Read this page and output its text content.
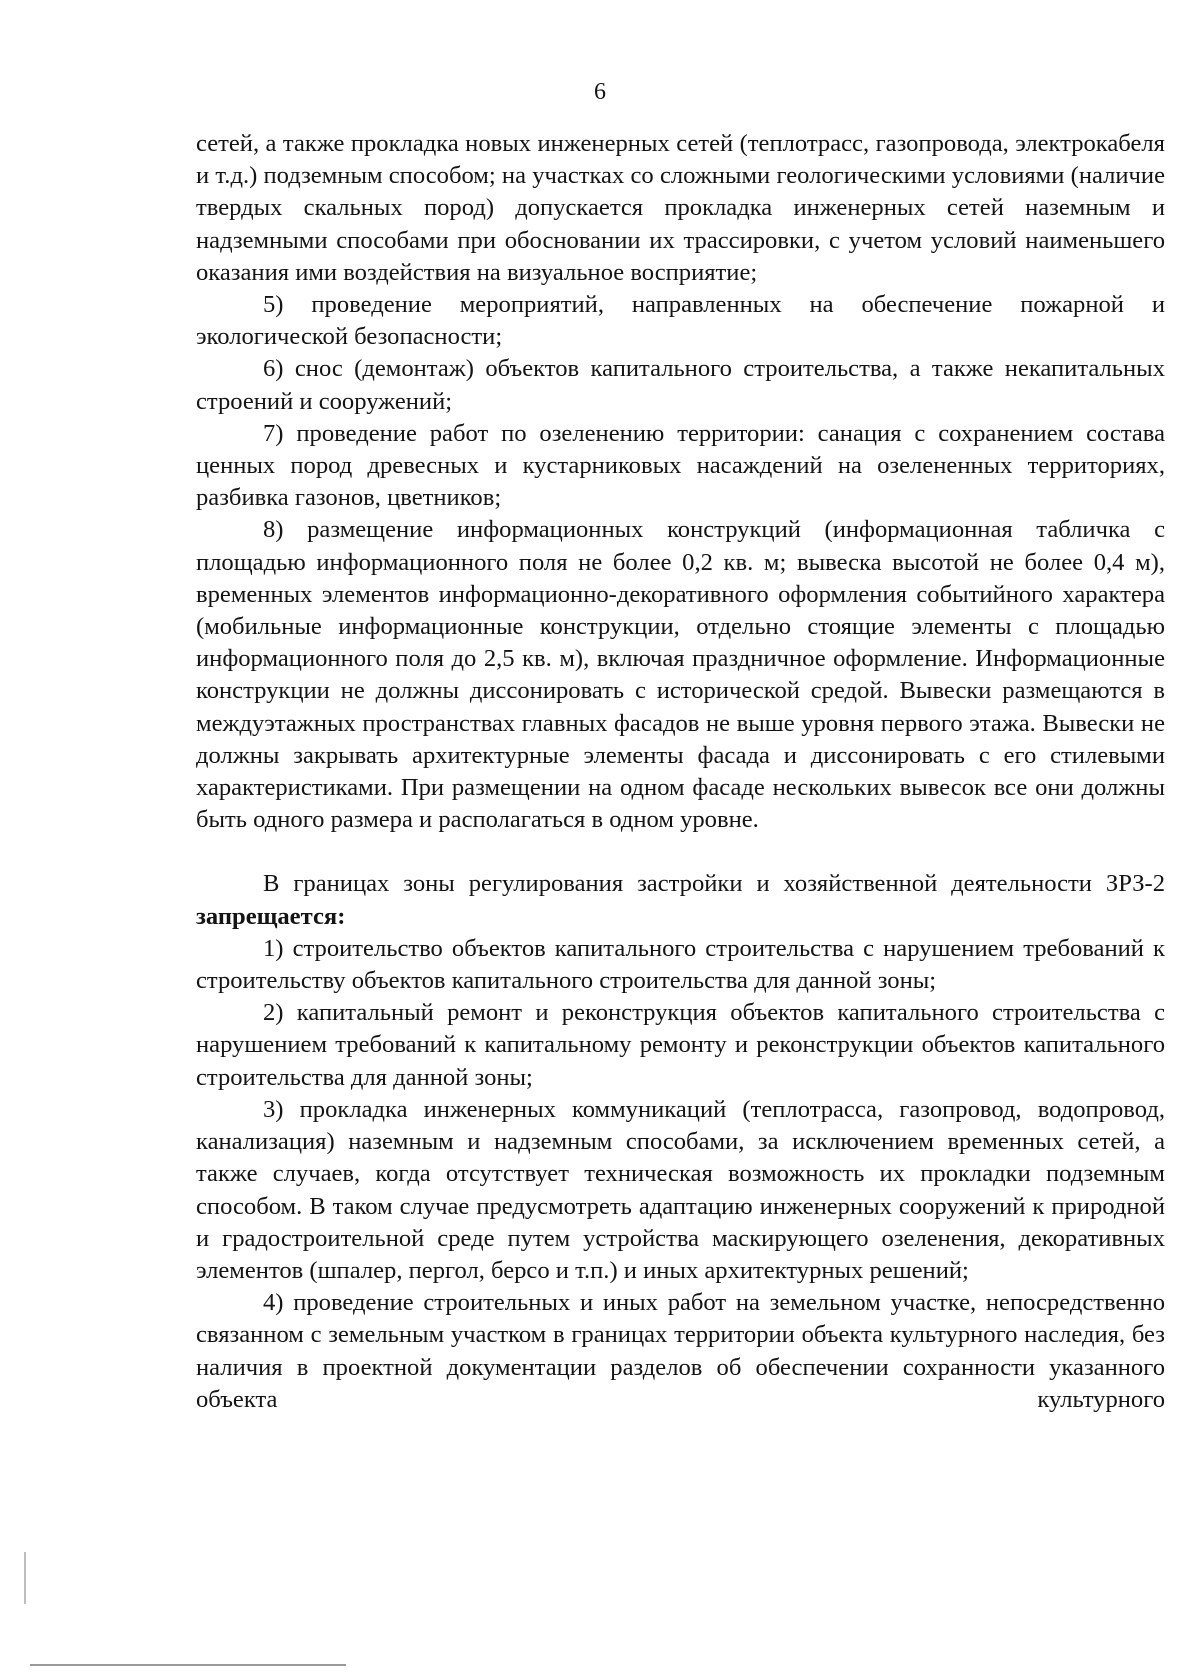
6

сетей, а также прокладка новых инженерных сетей (теплотрасс, газопровода, электрокабеля и т.д.) подземным способом; на участках со сложными геологическими условиями (наличие твердых скальных пород) допускается прокладка инженерных сетей наземным и надземными способами при обосновании их трассировки, с учетом условий наименьшего оказания ими воздействия на визуальное восприятие;

5) проведение мероприятий, направленных на обеспечение пожарной и экологической безопасности;

6) снос (демонтаж) объектов капитального строительства, а также некапитальных строений и сооружений;

7) проведение работ по озеленению территории: санация с сохранением состава ценных пород древесных и кустарниковых насаждений на озелененных территориях, разбивка газонов, цветников;

8) размещение информационных конструкций (информационная табличка с площадью информационного поля не более 0,2 кв. м; вывеска высотой не более 0,4 м), временных элементов информационно-декоративного оформления событийного характера (мобильные информационные конструкции, отдельно стоящие элементы с площадью информационного поля до 2,5 кв. м), включая праздничное оформление. Информационные конструкции не должны диссонировать с исторической средой. Вывески размещаются в междуэтажных пространствах главных фасадов не выше уровня первого этажа. Вывески не должны закрывать архитектурные элементы фасада и диссонировать с его стилевыми характеристиками. При размещении на одном фасаде нескольких вывесок все они должны быть одного размера и располагаться в одном уровне.

В границах зоны регулирования застройки и хозяйственной деятельности ЗРЗ-2 запрещается:

1) строительство объектов капитального строительства с нарушением требований к строительству объектов капитального строительства для данной зоны;

2) капитальный ремонт и реконструкция объектов капитального строительства с нарушением требований к капитальному ремонту и реконструкции объектов капитального строительства для данной зоны;

3) прокладка инженерных коммуникаций (теплотрасса, газопровод, водопровод, канализация) наземным и надземным способами, за исключением временных сетей, а также случаев, когда отсутствует техническая возможность их прокладки подземным способом. В таком случае предусмотреть адаптацию инженерных сооружений к природной и градостроительной среде путем устройства маскирующего озеленения, декоративных элементов (шпалер, пергол, берсо и т.п.) и иных архитектурных решений;

4) проведение строительных и иных работ на земельном участке, непосредственно связанном с земельным участком в границах территории объекта культурного наследия, без наличия в проектной документации разделов об обеспечении сохранности указанного объекта культурного
